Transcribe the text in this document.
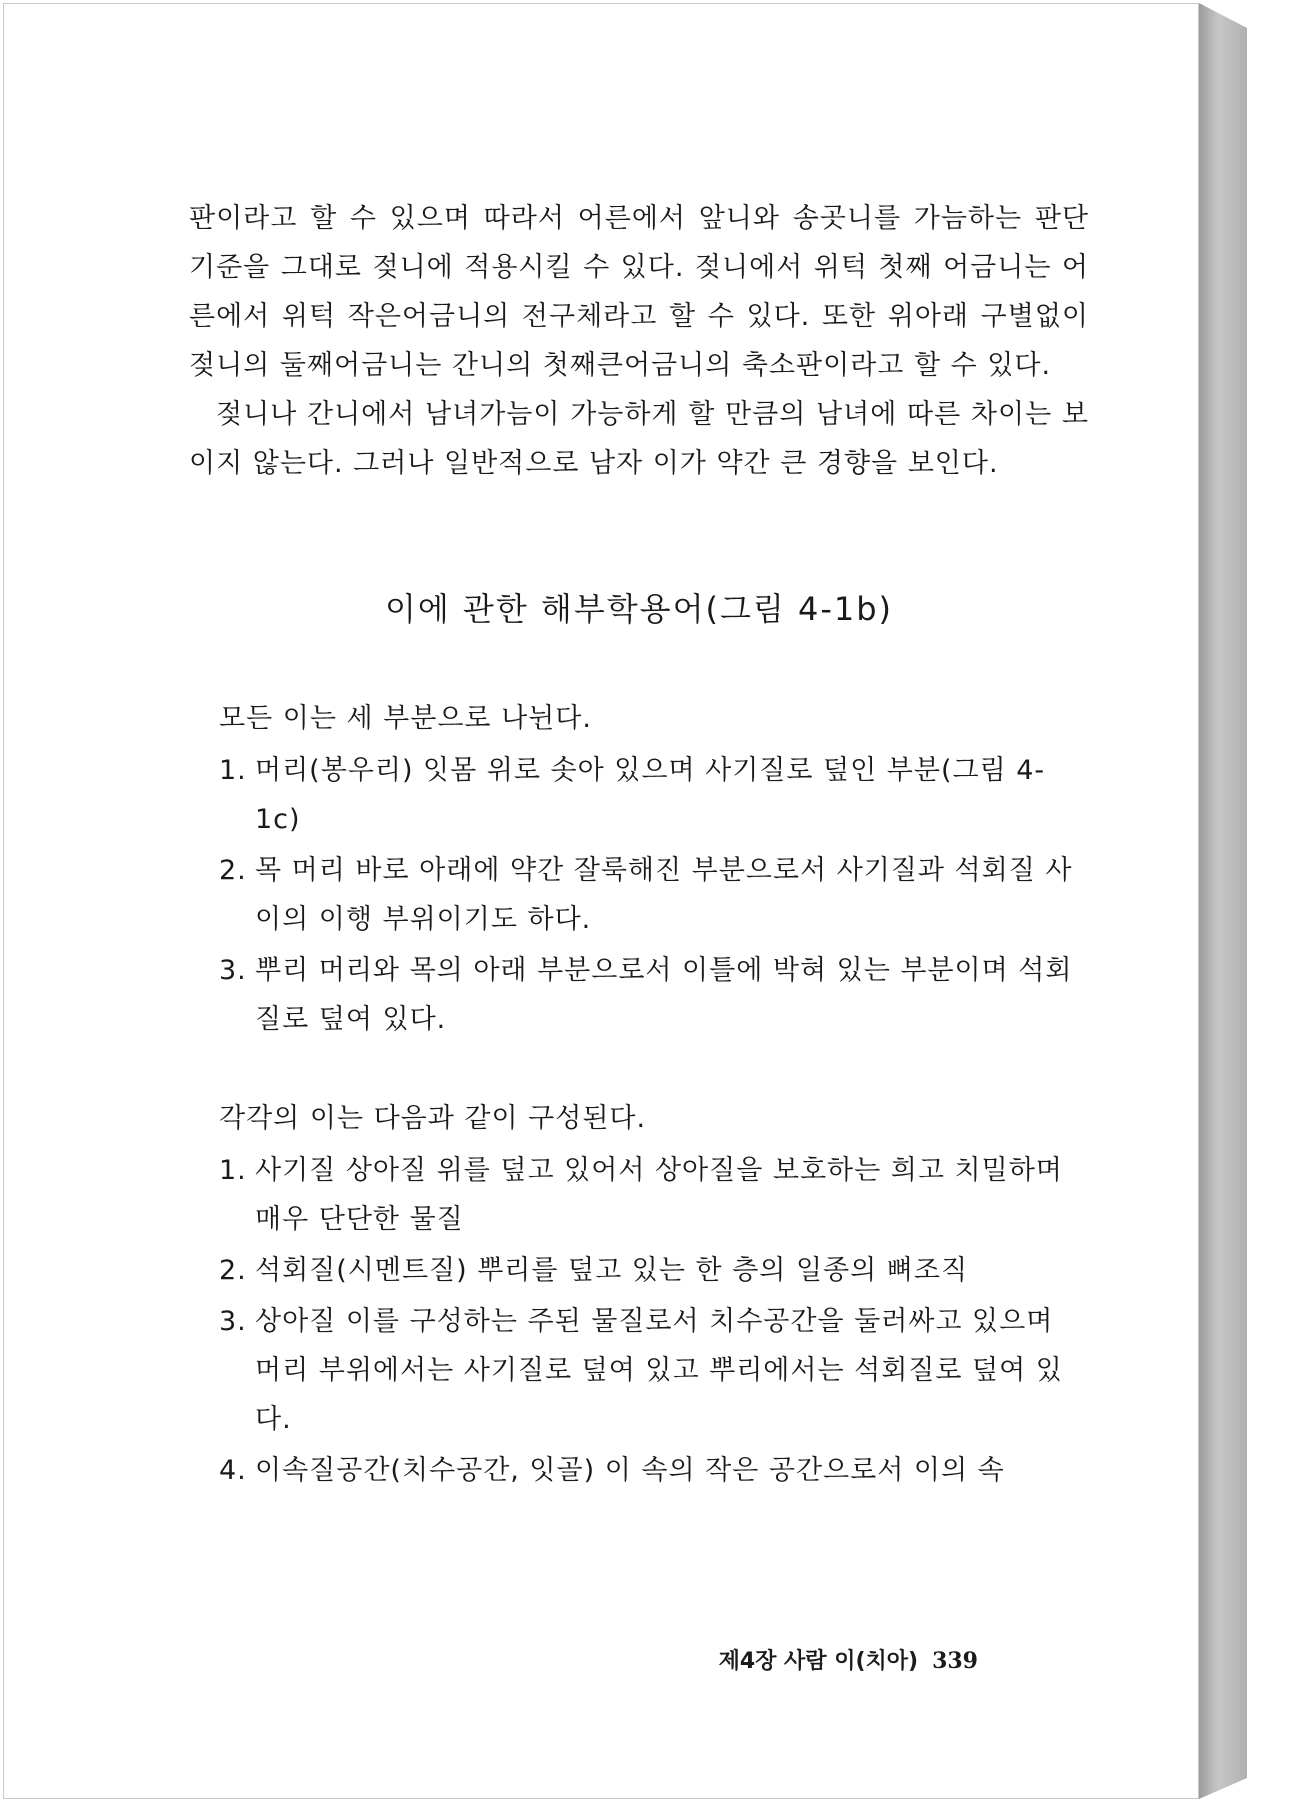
판이라고 할 수 있으며 따라서 어른에서 앞니와 송곳니를 가늠하는 판단 기준을 그대로 젖니에 적용시킬 수 있다. 젖니에서 위턱 첫째 어금니는 어른에서 위턱 작은어금니의 전구체라고 할 수 있다. 또한 위아래 구별없이 젖니의 둘째어금니는 간니의 첫째큰어금니의 축소판이라고 할 수 있다.

젖니나 간니에서 남녀가늠이 가능하게 할 만큼의 남녀에 따른 차이는 보이지 않는다. 그러나 일반적으로 남자 이가 약간 큰 경향을 보인다.

이에 관한 해부학용어(그림 4-1b)

모든 이는 세 부분으로 나뉜다.

1. 머리(봉우리) 잇몸 위로 솟아 있으며 사기질로 덮인 부분(그림 4-1c)
2. 목 머리 바로 아래에 약간 잘룩해진 부분으로서 사기질과 석회질 사이의 이행 부위이기도 하다.
3. 뿌리 머리와 목의 아래 부분으로서 이틀에 박혀 있는 부분이며 석회질로 덮여 있다.

각각의 이는 다음과 같이 구성된다.

1. 사기질 상아질 위를 덮고 있어서 상아질을 보호하는 희고 치밀하며 매우 단단한 물질
2. 석회질(시멘트질) 뿌리를 덮고 있는 한 층의 일종의 뼈조직
3. 상아질 이를 구성하는 주된 물질로서 치수공간을 둘러싸고 있으며 머리 부위에서는 사기질로 덮여 있고 뿌리에서는 석회질로 덮여 있다.
4. 이속질공간(치수공간, 잇골) 이 속의 작은 공간으로서 이의 속
제4장 사람 이(치아) 339
